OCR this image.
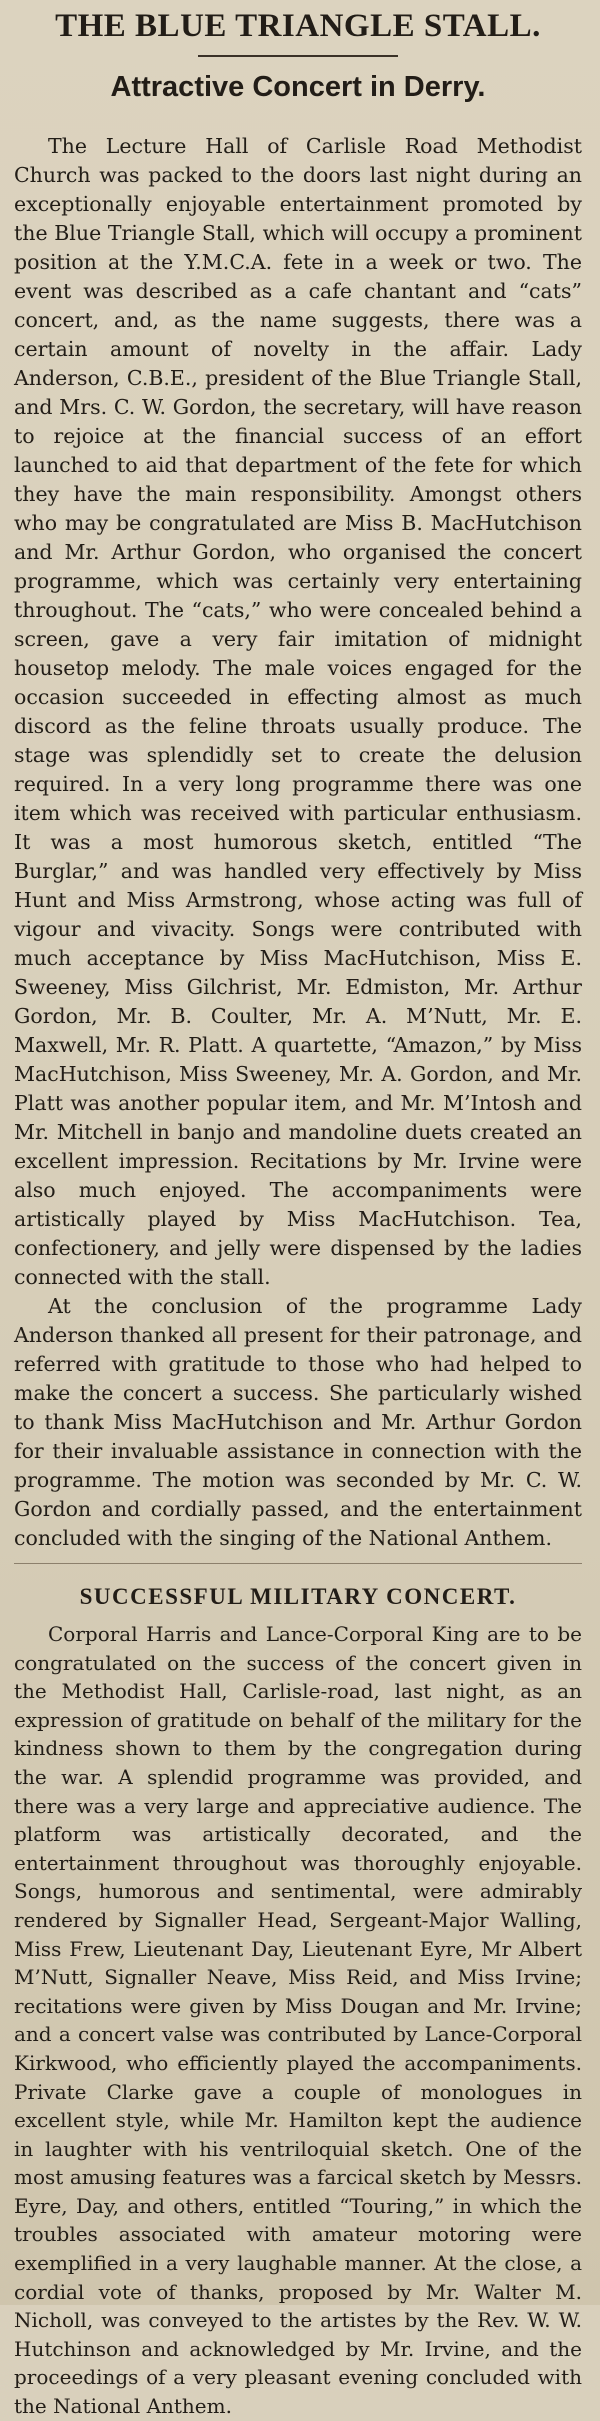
THE BLUE TRIANGLE STALL.
Attractive Concert in Derry.

The Lecture Hall of Carlisle Road Methodist Church was packed to the doors last night during an exceptionally enjoyable entertainment promoted by the Blue Triangle Stall, which will occupy a prominent position at the Y.M.C.A. fete in a week or two. The event was described as a cafe chantant and “cats” concert, and, as the name suggests, there was a certain amount of novelty in the affair. Lady Anderson, C.B.E., president of the Blue Triangle Stall, and Mrs. C. W. Gordon, the secretary, will have reason to rejoice at the financial success of an effort launched to aid that department of the fete for which they have the main responsibility. Amongst others who may be congratulated are Miss B. MacHutchison and Mr. Arthur Gordon, who organised the concert programme, which was certainly very entertaining throughout. The “cats,” who were concealed behind a screen, gave a very fair imitation of midnight housetop melody. The male voices engaged for the occasion succeeded in effecting almost as much discord as the feline throats usually produce. The stage was splendidly set to create the delusion required. In a very long programme there was one item which was received with particular enthusiasm. It was a most humorous sketch, entitled “The Burglar,” and was handled very effectively by Miss Hunt and Miss Armstrong, whose acting was full of vigour and vivacity. Songs were contributed with much acceptance by Miss MacHutchison, Miss E. Sweeney, Miss Gilchrist, Mr. Edmiston, Mr. Arthur Gordon, Mr. B. Coulter, Mr. A. M’Nutt, Mr. E. Maxwell, Mr. R. Platt. A quartette, “Amazon,” by Miss MacHutchison, Miss Sweeney, Mr. A. Gordon, and Mr. Platt was another popular item, and Mr. M’Intosh and Mr. Mitchell in banjo and mandoline duets created an excellent impression. Recitations by Mr. Irvine were also much enjoyed. The accompaniments were artistically played by Miss MacHutchison. Tea, confectionery, and jelly were dispensed by the ladies connected with the stall.

At the conclusion of the programme Lady Anderson thanked all present for their patronage, and referred with gratitude to those who had helped to make the concert a success. She particularly wished to thank Miss MacHutchison and Mr. Arthur Gordon for their invaluable assistance in connection with the programme. The motion was seconded by Mr. C. W. Gordon and cordially passed, and the entertainment concluded with the singing of the National Anthem.

SUCCESSFUL MILITARY CONCERT.

Corporal Harris and Lance-Corporal King are to be congratulated on the success of the concert given in the Methodist Hall, Carlisle-road, last night, as an expression of gratitude on behalf of the military for the kindness shown to them by the congregation during the war. A splendid programme was provided, and there was a very large and appreciative audience. The platform was artistically decorated, and the entertainment throughout was thoroughly enjoyable. Songs, humorous and sentimental, were admirably rendered by Signaller Head, Sergeant-Major Walling, Miss Frew, Lieutenant Day, Lieutenant Eyre, Mr Albert M’Nutt, Signaller Neave, Miss Reid, and Miss Irvine; recitations were given by Miss Dougan and Mr. Irvine; and a concert valse was contributed by Lance-Corporal Kirkwood, who efficiently played the accompaniments. Private Clarke gave a couple of monologues in excellent style, while Mr. Hamilton kept the audience in laughter with his ventriloquial sketch. One of the most amusing features was a farcical sketch by Messrs. Eyre, Day, and others, entitled “Touring,” in which the troubles associated with amateur motoring were exemplified in a very laughable manner. At the close, a cordial vote of thanks, proposed by Mr. Walter M. Nicholl, was conveyed to the artistes by the Rev. W. W. Hutchinson and acknowledged by Mr. Irvine, and the proceedings of a very pleasant evening concluded with the National Anthem.
